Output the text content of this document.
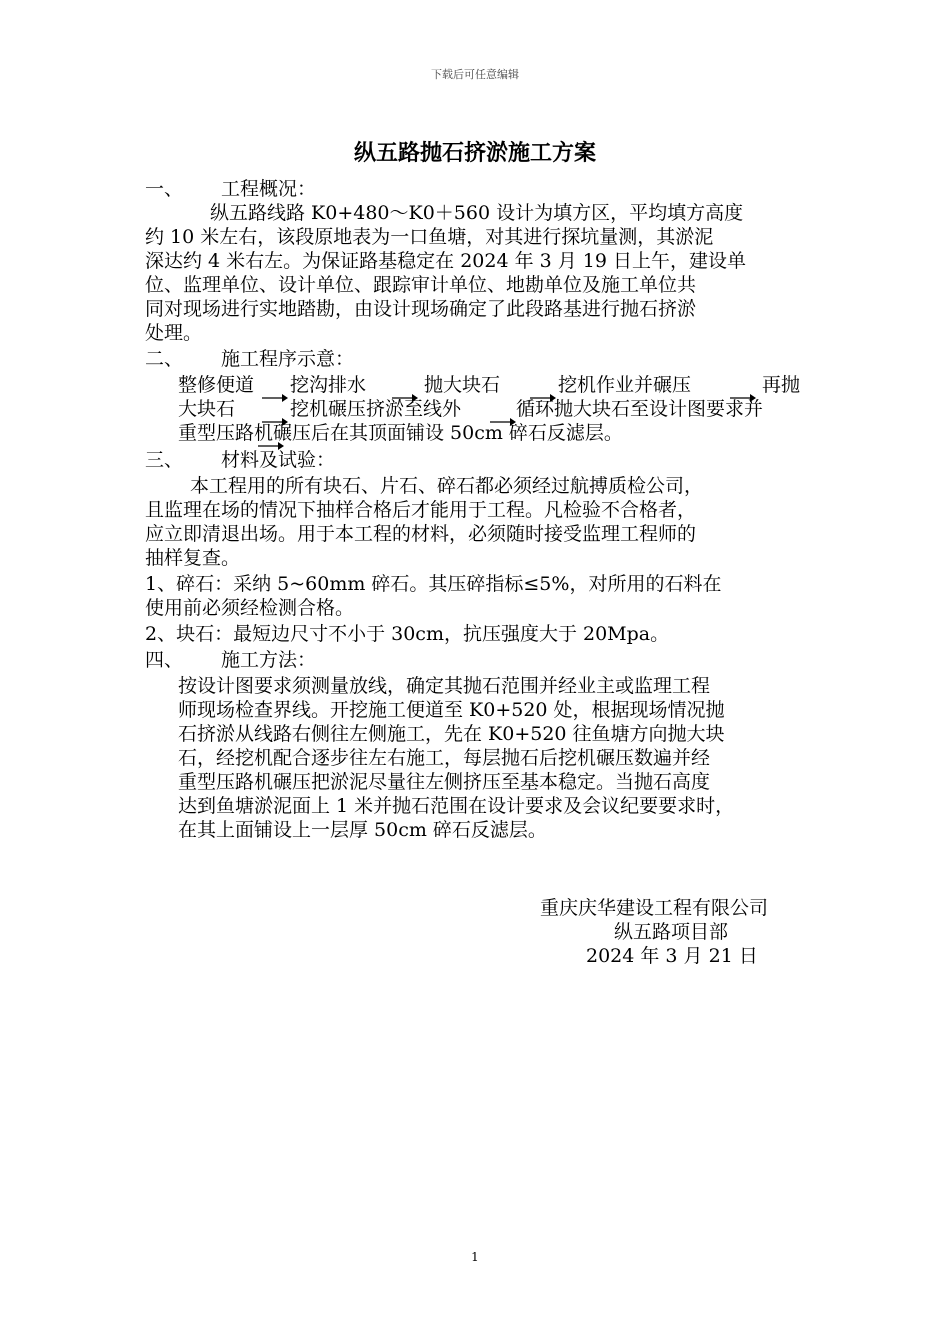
下载后可任意编辑
纵五路抛石挤淤施工方案
一、 工程概况：
纵五路线路 K0+480～K0＋560 设计为填方区，平均填方高度
约 10 米左右，该段原地表为一口鱼塘，对其进行探坑量测，其淤泥
深达约 4 米右左。为保证路基稳定在 2024 年 3 月 19 日上午，建设单
位、监理单位、设计单位、跟踪审计单位、地勘单位及施工单位共
同对现场进行实地踏勘，由设计现场确定了此段路基进行抛石挤淤
处理。
二、 施工程序示意：
整修便道 挖沟排水	抛大块石	挖机作业并碾压	再抛
大块石	挖机碾压挤淤至线外	循环抛大块石至设计图要求并
重型压路机碾压后在其顶面铺设 50cm 碎石反滤层。
三、 材料及试验：
本工程用的所有块石、片石、碎石都必须经过航搏质检公司，
且监理在场的情况下抽样合格后才能用于工程。凡检验不合格者，
应立即清退出场。用于本工程的材料，必须随时接受监理工程师的
抽样复查。
1、碎石：采纳 5~60mm 碎石。其压碎指标≤5%，对所用的石料在
使用前必须经检测合格。
2、块石：最短边尺寸不小于 30cm，抗压强度大于 20Mpa。
四、 施工方法：
按设计图要求须测量放线，确定其抛石范围并经业主或监理工程
师现场检查界线。开挖施工便道至 K0+520 处，根据现场情况抛
石挤淤从线路右侧往左侧施工，先在 K0+520 往鱼塘方向抛大块
石，经挖机配合逐步往左右施工，每层抛石后挖机碾压数遍并经
重型压路机碾压把淤泥尽量往左侧挤压至基本稳定。当抛石高度
达到鱼塘淤泥面上 1 米并抛石范围在设计要求及会议纪要要求时，
在其上面铺设上一层厚 50cm 碎石反滤层。
重庆庆华建设工程有限公司
纵五路项目部
2024 年 3 月 21 日
1
